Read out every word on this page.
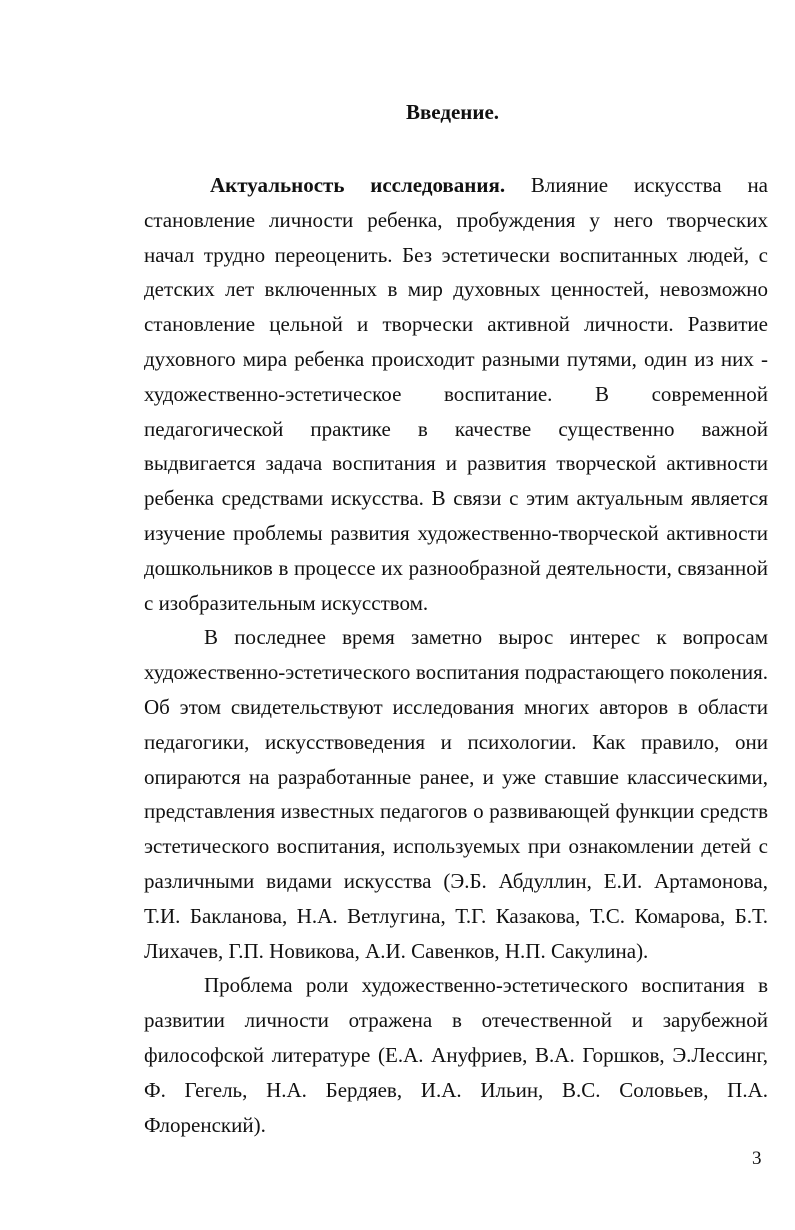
Введение.

Актуальность исследования. Влияние искусства на становление личности ребенка, пробуждения у него творческих начал трудно переоценить. Без эстетически воспитанных людей, с детских лет включенных в мир духовных ценностей, невозможно становление цельной и творчески активной личности. Развитие духовного мира ребенка происходит разными путями, один из них - художественно-эстетическое воспитание. В современной педагогической практике в качестве существенно важной выдвигается задача воспитания и развития творческой активности ребенка средствами искусства. В связи с этим актуальным является изучение проблемы развития художественно-творческой активности дошкольников в процессе их разнообразной деятельности, связанной с изобразительным искусством.

В последнее время заметно вырос интерес к вопросам художественно-эстетического воспитания подрастающего поколения. Об этом свидетельствуют исследования многих авторов в области педагогики, искусствоведения и психологии. Как правило, они опираются на разработанные ранее, и уже ставшие классическими, представления известных педагогов о развивающей функции средств эстетического воспитания, используемых при ознакомлении детей с различными видами искусства (Э.Б. Абдуллин, Е.И. Артамонова, Т.И. Бакланова, Н.А. Ветлугина, Т.Г. Казакова, Т.С. Комарова, Б.Т. Лихачев, Г.П. Новикова, А.И. Савенков, Н.П. Сакулина).

Проблема роли художественно-эстетического воспитания в развитии личности отражена в отечественной и зарубежной философской литературе (Е.А. Ануфриев, В.А. Горшков, Э.Лессинг, Ф. Гегель, Н.А. Бердяев, И.А. Ильин, В.С. Соловьев, П.А. Флоренский).

3
